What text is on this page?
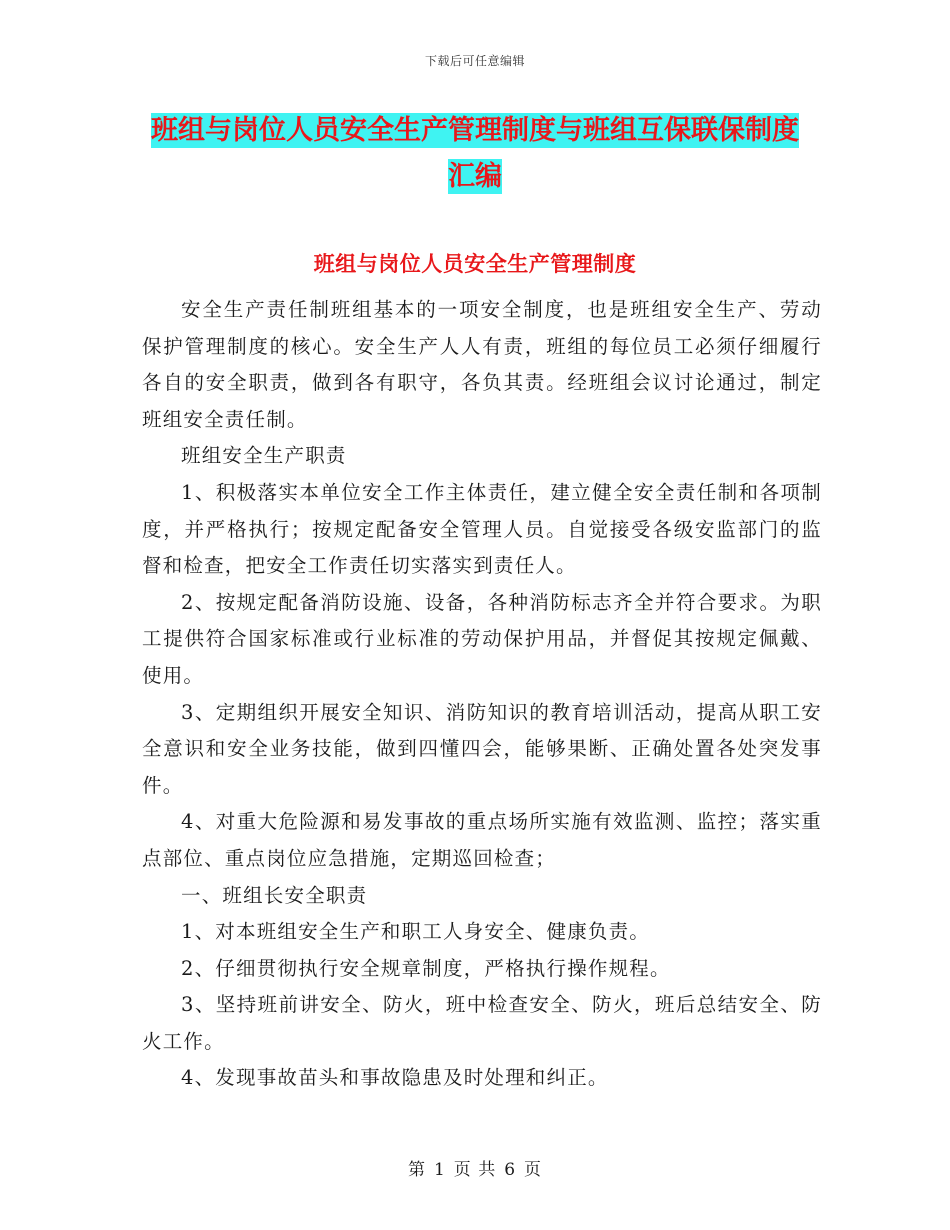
下载后可任意编辑
班组与岗位人员安全生产管理制度与班组互保联保制度汇编
班组与岗位人员安全生产管理制度

安全生产责任制班组基本的一项安全制度，也是班组安全生产、劳动保护管理制度的核心。安全生产人人有责，班组的每位员工必须仔细履行各自的安全职责，做到各有职守，各负其责。经班组会议讨论通过，制定班组安全责任制。

班组安全生产职责

1、积极落实本单位安全工作主体责任，建立健全安全责任制和各项制度，并严格执行；按规定配备安全管理人员。自觉接受各级安监部门的监督和检查，把安全工作责任切实落实到责任人。

2、按规定配备消防设施、设备，各种消防标志齐全并符合要求。为职工提供符合国家标准或行业标准的劳动保护用品，并督促其按规定佩戴、使用。

3、定期组织开展安全知识、消防知识的教育培训活动，提高从职工安全意识和安全业务技能，做到四懂四会，能够果断、正确处置各处突发事件。

4、对重大危险源和易发事故的重点场所实施有效监测、监控；落实重点部位、重点岗位应急措施，定期巡回检查；

一、班组长安全职责

1、对本班组安全生产和职工人身安全、健康负责。

2、仔细贯彻执行安全规章制度，严格执行操作规程。

3、坚持班前讲安全、防火，班中检查安全、防火，班后总结安全、防火工作。

4、发现事故苗头和事故隐患及时处理和纠正。

第 1 页 共 6 页
